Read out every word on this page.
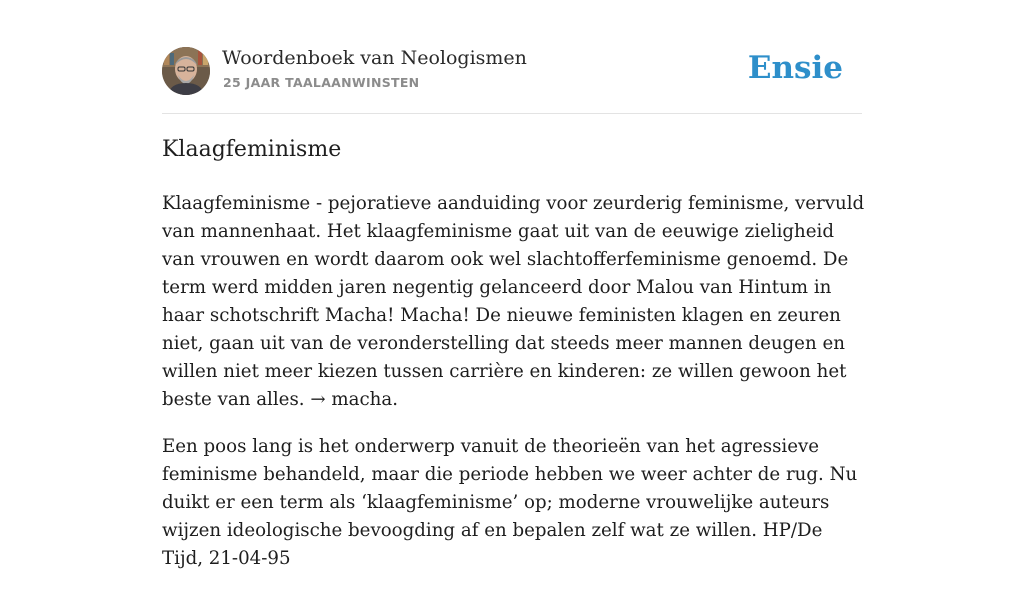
Woordenboek van Neologismen
25 JAAR TAALAANWINSTEN	Ensie
Klaagfeminisme

Klaagfeminisme - pejoratieve aanduiding voor zeurderig feminisme, vervuld van mannenhaat. Het klaagfeminisme gaat uit van de eeuwige zieligheid van vrouwen en wordt daarom ook wel slachtofferfeminisme genoemd. De term werd midden jaren negentig gelanceerd door Malou van Hintum in haar schotschrift Macha! Macha! De nieuwe feministen klagen en zeuren niet, gaan uit van de veronderstelling dat steeds meer mannen deugen en willen niet meer kiezen tussen carrière en kinderen: ze willen gewoon het beste van alles. → macha.

Een poos lang is het onderwerp vanuit de theorieën van het agressieve feminisme behandeld, maar die periode hebben we weer achter de rug. Nu duikt er een term als ‘klaagfeminisme’ op; moderne vrouwelijke auteurs wijzen ideologische bevoogding af en bepalen zelf wat ze willen. HP/De Tijd, 21-04-95
